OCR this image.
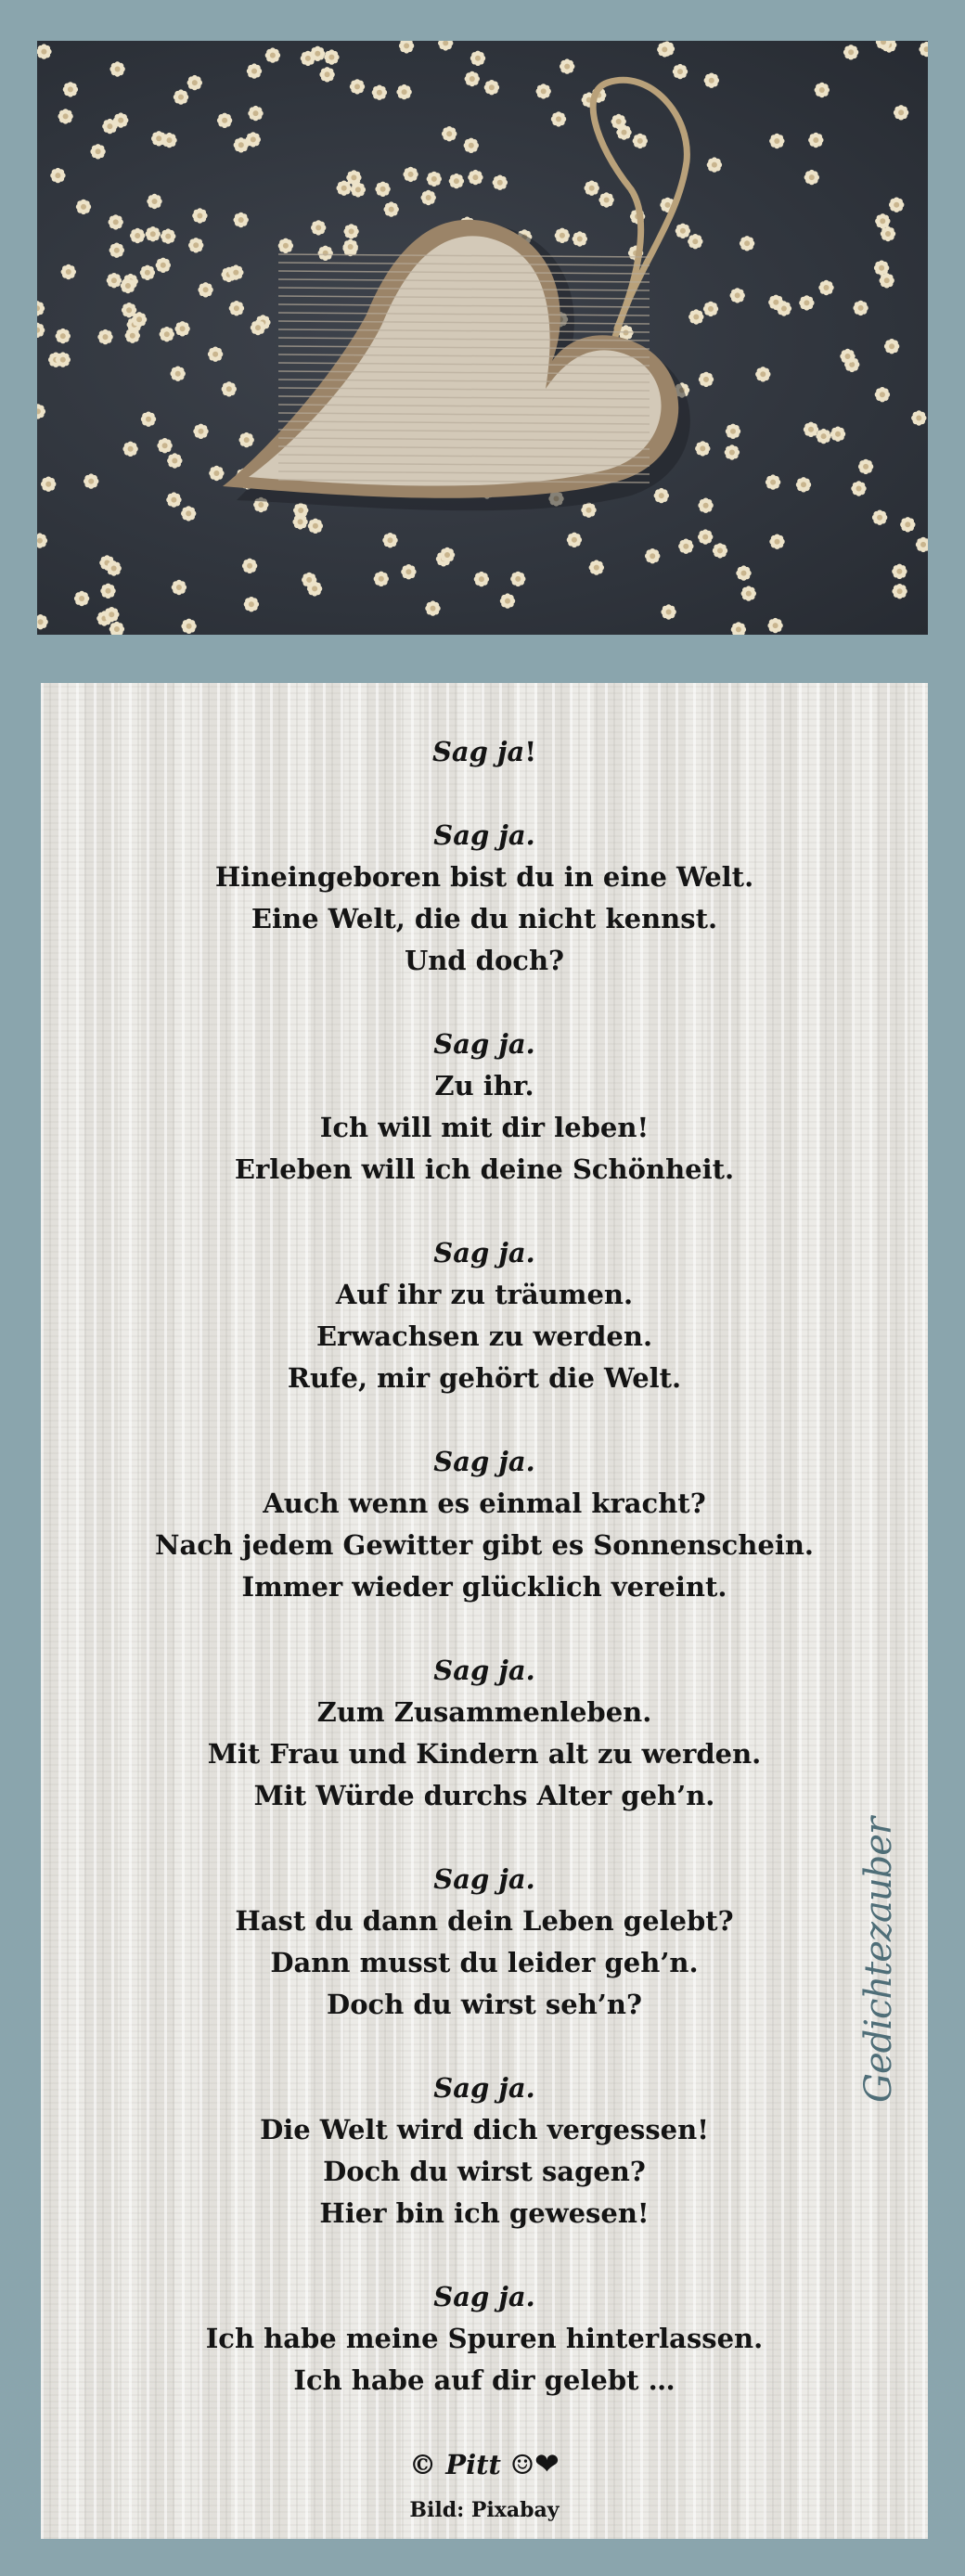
Sag ja!
Sag ja.
Hineingeboren bist du in eine Welt.
Eine Welt, die du nicht kennst.
Und doch?
Sag ja.
Zu ihr.
Ich will mit dir leben!
Erleben will ich deine Schönheit.
Sag ja.
Auf ihr zu träumen.
Erwachsen zu werden.
Rufe, mir gehört die Welt.
Sag ja.
Auch wenn es einmal kracht?
Nach jedem Gewitter gibt es Sonnenschein.
Immer wieder glücklich vereint.
Sag ja.
Zum Zusammenleben.
Mit Frau und Kindern alt zu werden.
Mit Würde durchs Alter geh’n.
Sag ja.
Hast du dann dein Leben gelebt?
Dann musst du leider geh’n.
Doch du wirst seh’n?
Sag ja.
Die Welt wird dich vergessen!
Doch du wirst sagen?
Hier bin ich gewesen!
Sag ja.
Ich habe meine Spuren hinterlassen.
Ich habe auf dir gelebt …
© Pitt ☺❤
Bild: Pixabay
Gedichtezauber
